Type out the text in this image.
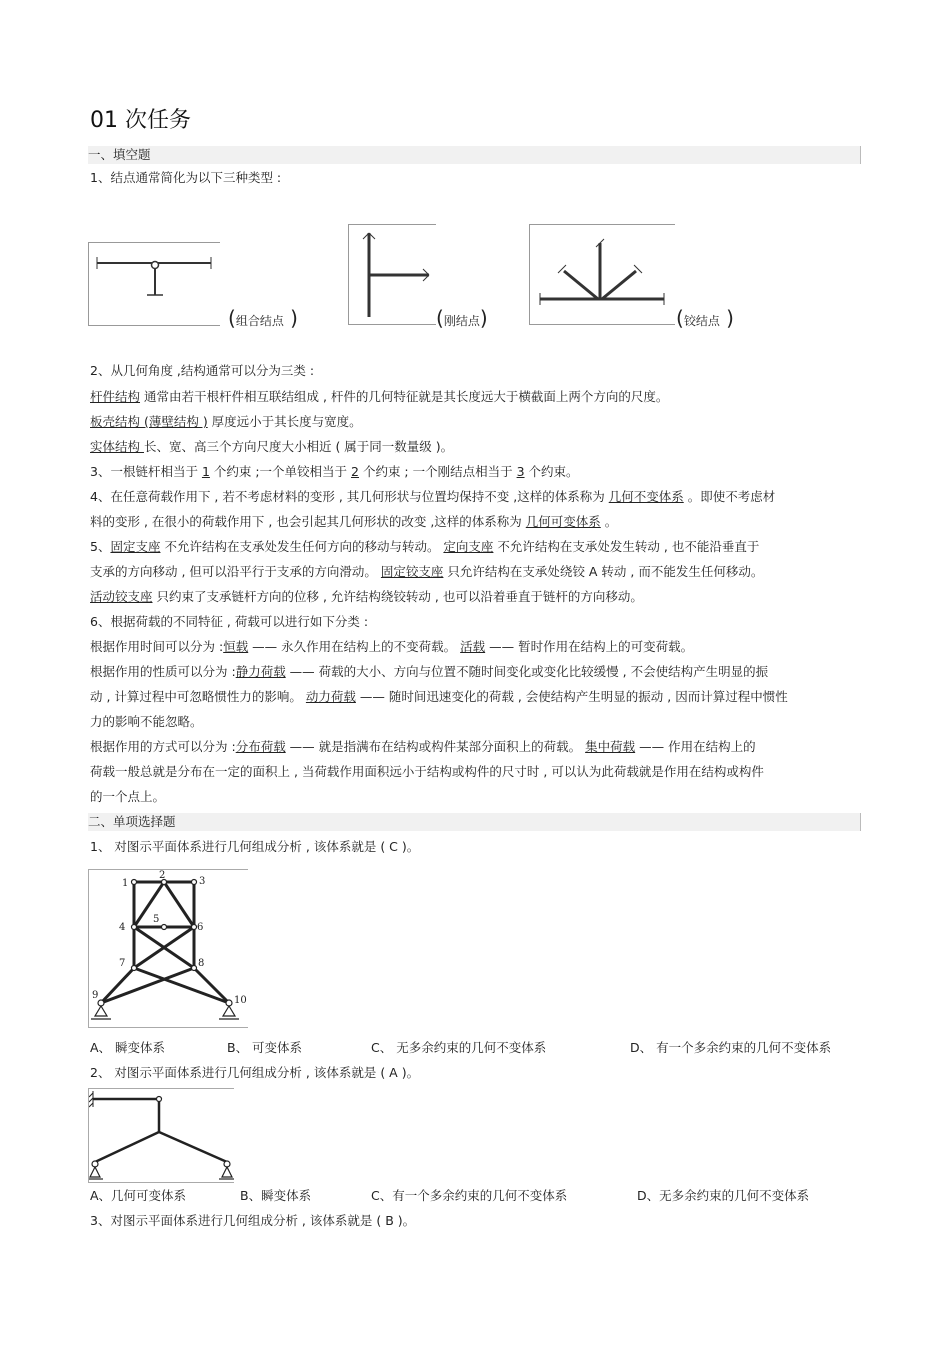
01 次任务
一、填空题
1、结点通常简化为以下三种类型 :
(组合结点 )	(刚结点)	(铰结点 )
2、从几何角度 ,结构通常可以分为三类 :
杆件结构 通常由若干根杆件相互联结组成 , 杆件的几何特征就是其长度远大于横截面上两个方向的尺度。
板壳结构 (薄壁结构 ) 厚度远小于其长度与宽度。
实体结构 长、宽、高三个方向尺度大小相近 ( 属于同一数量级 )。
3、一根链杆相当于 1 个约束 ;一个单铰相当于 2 个约束 ; 一个刚结点相当于 3 个约束。
4、在任意荷载作用下 , 若不考虑材料的变形 , 其几何形状与位置均保持不变 ,这样的体系称为 几何不变体系 。即使不考虑材
料的变形 , 在很小的荷载作用下 , 也会引起其几何形状的改变 ,这样的体系称为 几何可变体系 。
5、固定支座 不允许结构在支承处发生任何方向的移动与转动。 定向支座 不允许结构在支承处发生转动 , 也不能沿垂直于
支承的方向移动 , 但可以沿平行于支承的方向滑动。 固定铰支座 只允许结构在支承处绕铰 A 转动 , 而不能发生任何移动。
活动铰支座 只约束了支承链杆方向的位移 , 允许结构绕铰转动 , 也可以沿着垂直于链杆的方向移动。
6、根据荷载的不同特征 , 荷载可以进行如下分类 :
根据作用时间可以分为 :恒载 —— 永久作用在结构上的不变荷载。 活载 —— 暂时作用在结构上的可变荷载。
根据作用的性质可以分为 :静力荷载 —— 荷载的大小、方向与位置不随时间变化或变化比较缓慢 , 不会使结构产生明显的振
动 , 计算过程中可忽略惯性力的影响。 动力荷载 —— 随时间迅速变化的荷载 , 会使结构产生明显的振动 , 因而计算过程中惯性
力的影响不能忽略。
根据作用的方式可以分为 :分布荷载 —— 就是指满布在结构或构件某部分面积上的荷载。 集中荷载 —— 作用在结构上的
荷载一般总就是分布在一定的面积上 , 当荷载作用面积远小于结构或构件的尺寸时 , 可以认为此荷载就是作用在结构或构件
的一个点上。
二、单项选择题
1、 对图示平面体系进行几何组成分析 , 该体系就是 ( C )。
1
2
3
4
5
6
7	8
9	10
A、 瞬变体系	B、 可变体系	C、 无多余约束的几何不变体系	D、 有一个多余约束的几何不变体系
2、 对图示平面体系进行几何组成分析 , 该体系就是 ( A )。
A、几何可变体系	B、瞬变体系	C、有一个多余约束的几何不变体系	D、无多余约束的几何不变体系
3、对图示平面体系进行几何组成分析 , 该体系就是 ( B )。
